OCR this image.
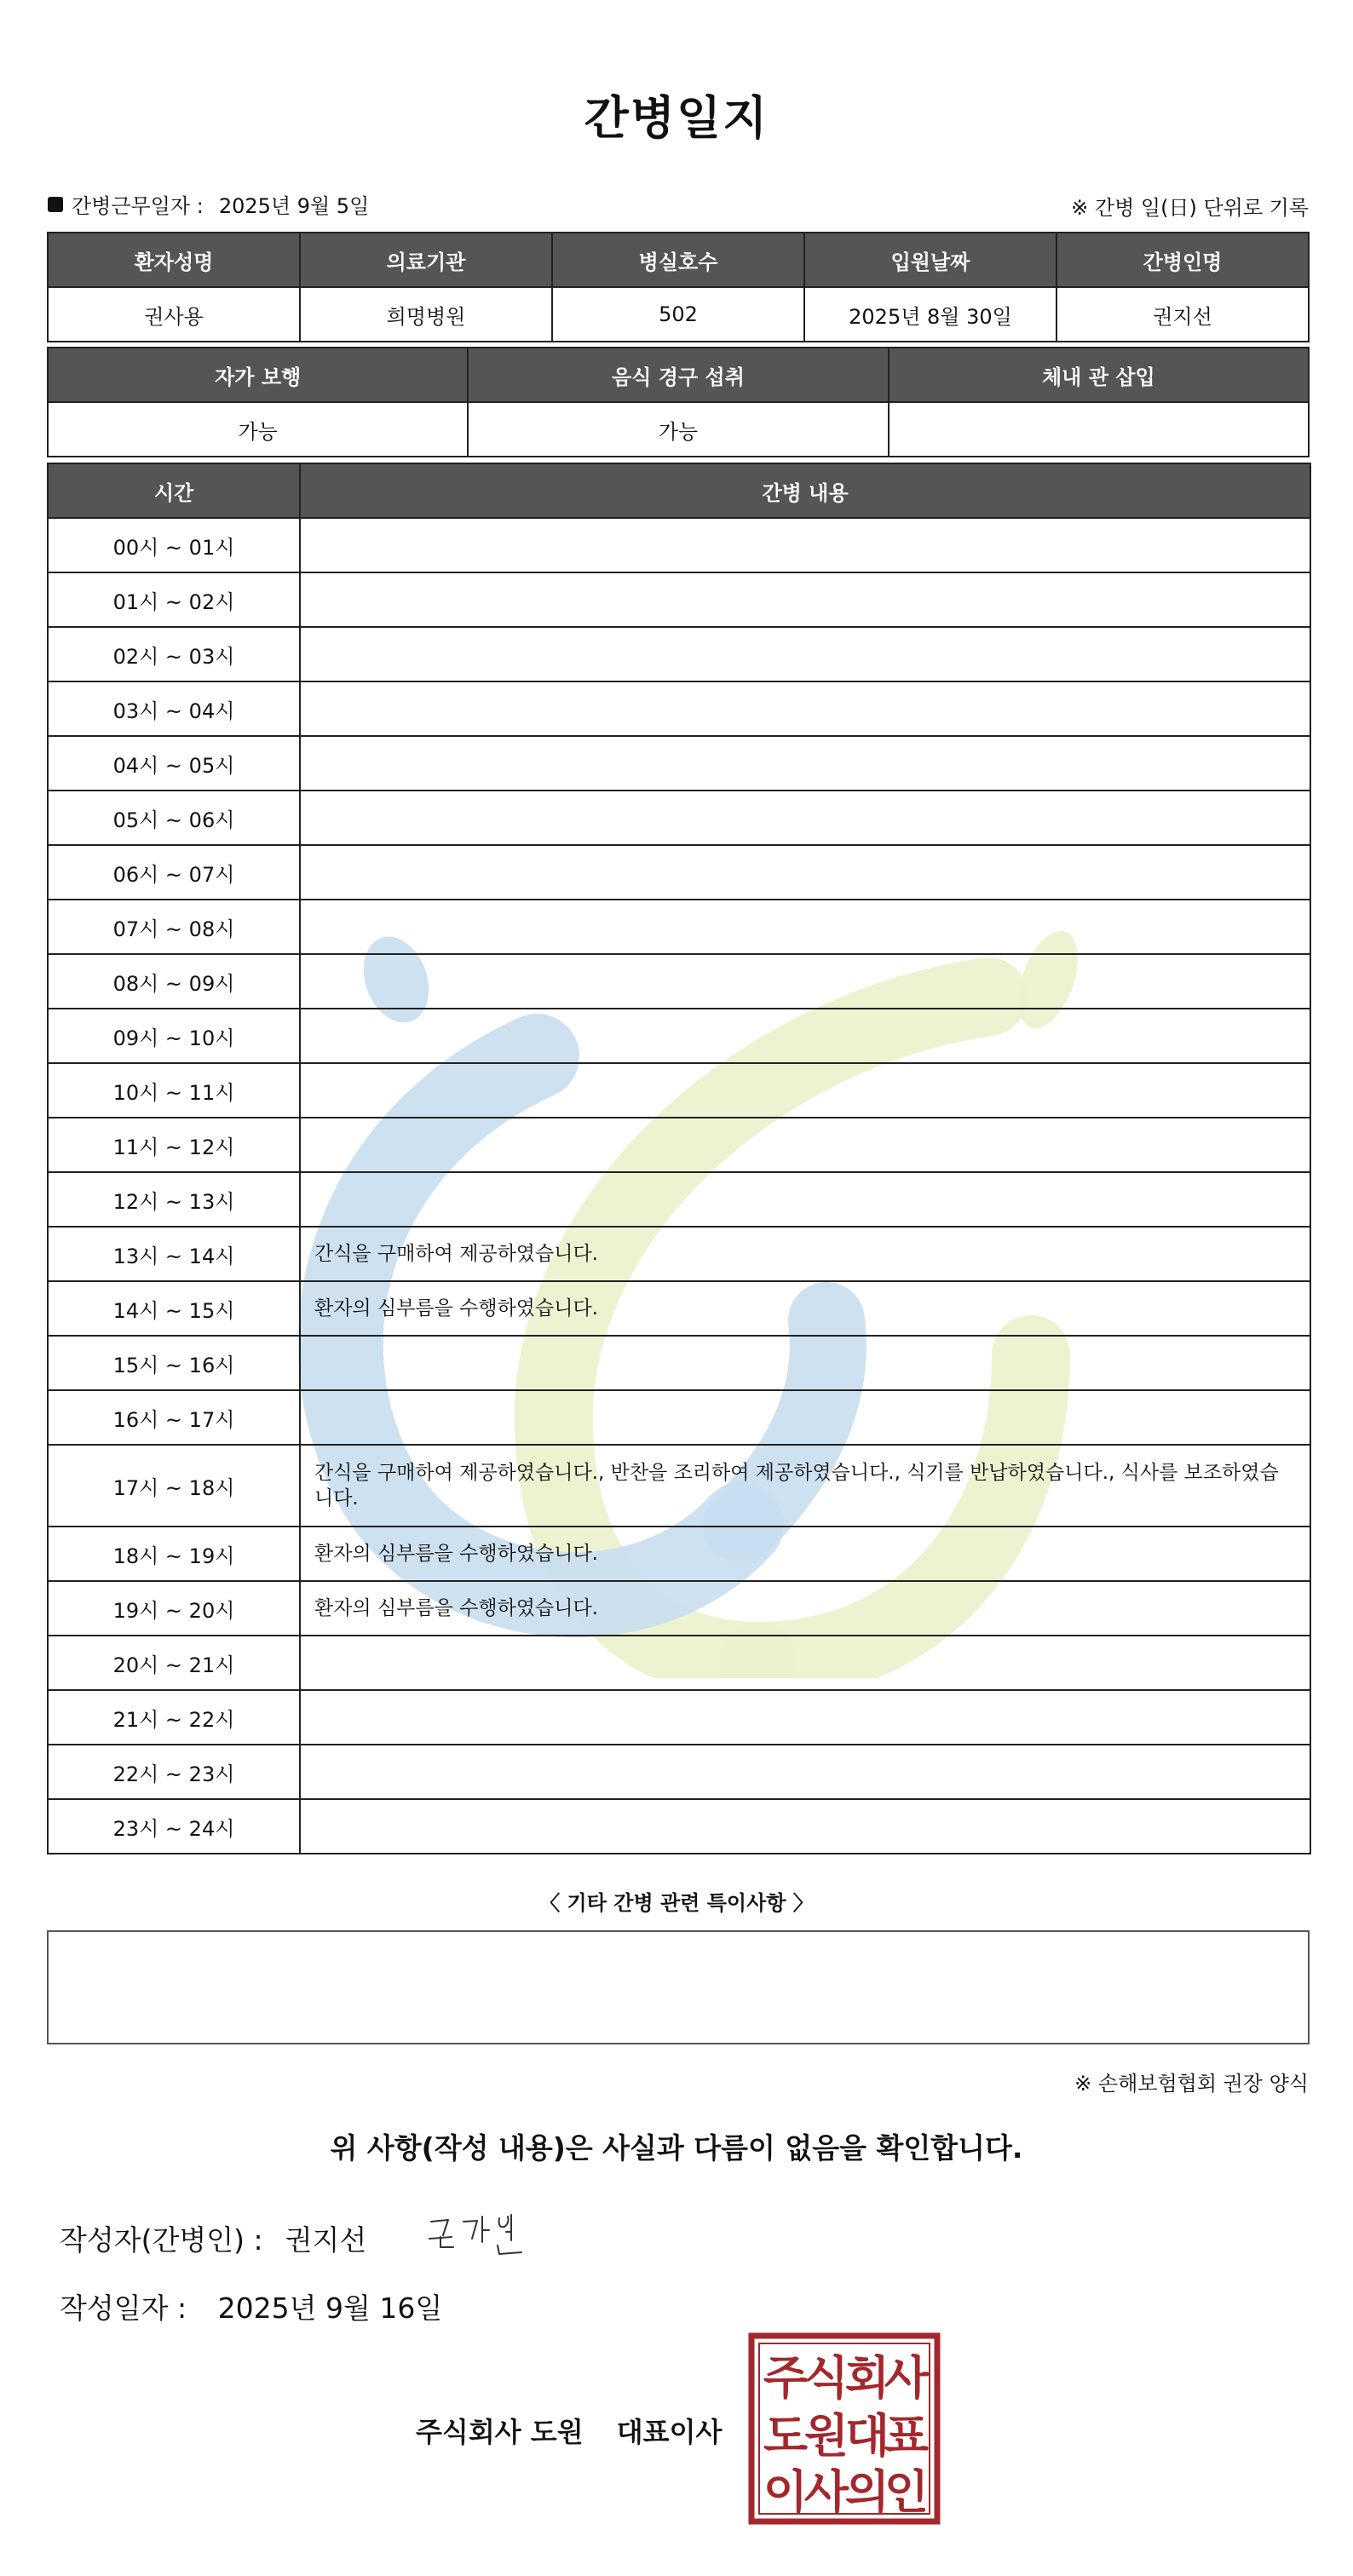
간병일지
간병근무일자 : 2025년 9월 5일	※ 간병 일(日) 단위로 기록
환자성명	의료기관	병실호수	입원날짜	간병인명
권사용	희명병원	502	2025년 8월 30일	권지선
자가 보행	음식 경구 섭취	체내 관 삽입
가능	가능	
시간	간병 내용
00시 ~ 01시	
01시 ~ 02시	
02시 ~ 03시	
03시 ~ 04시	
04시 ~ 05시	
05시 ~ 06시	
06시 ~ 07시	
07시 ~ 08시	
08시 ~ 09시	
09시 ~ 10시	
10시 ~ 11시	
11시 ~ 12시	
12시 ~ 13시	
13시 ~ 14시	간식을 구매하여 제공하였습니다.
14시 ~ 15시	환자의 심부름을 수행하였습니다.
15시 ~ 16시	
16시 ~ 17시	
17시 ~ 18시	간식을 구매하여 제공하였습니다., 반찬을 조리하여 제공하였습니다., 식기를 반납하였습니다., 식사를 보조하였습니다.
18시 ~ 19시	환자의 심부름을 수행하였습니다.
19시 ~ 20시	환자의 심부름을 수행하였습니다.
20시 ~ 21시	
21시 ~ 22시	
22시 ~ 23시	
23시 ~ 24시	
〈 기타 간병 관련 특이사항 〉
※ 손해보험협회 권장 양식
위 사항(작성 내용)은 사실과 다름이 없음을 확인합니다.
작성자(간병인) : 권지선
작성일자 : 2025년 9월 16일
주식회사 도원 대표이사
주
식
회
사
도
원
대
표
이
사
의
인
